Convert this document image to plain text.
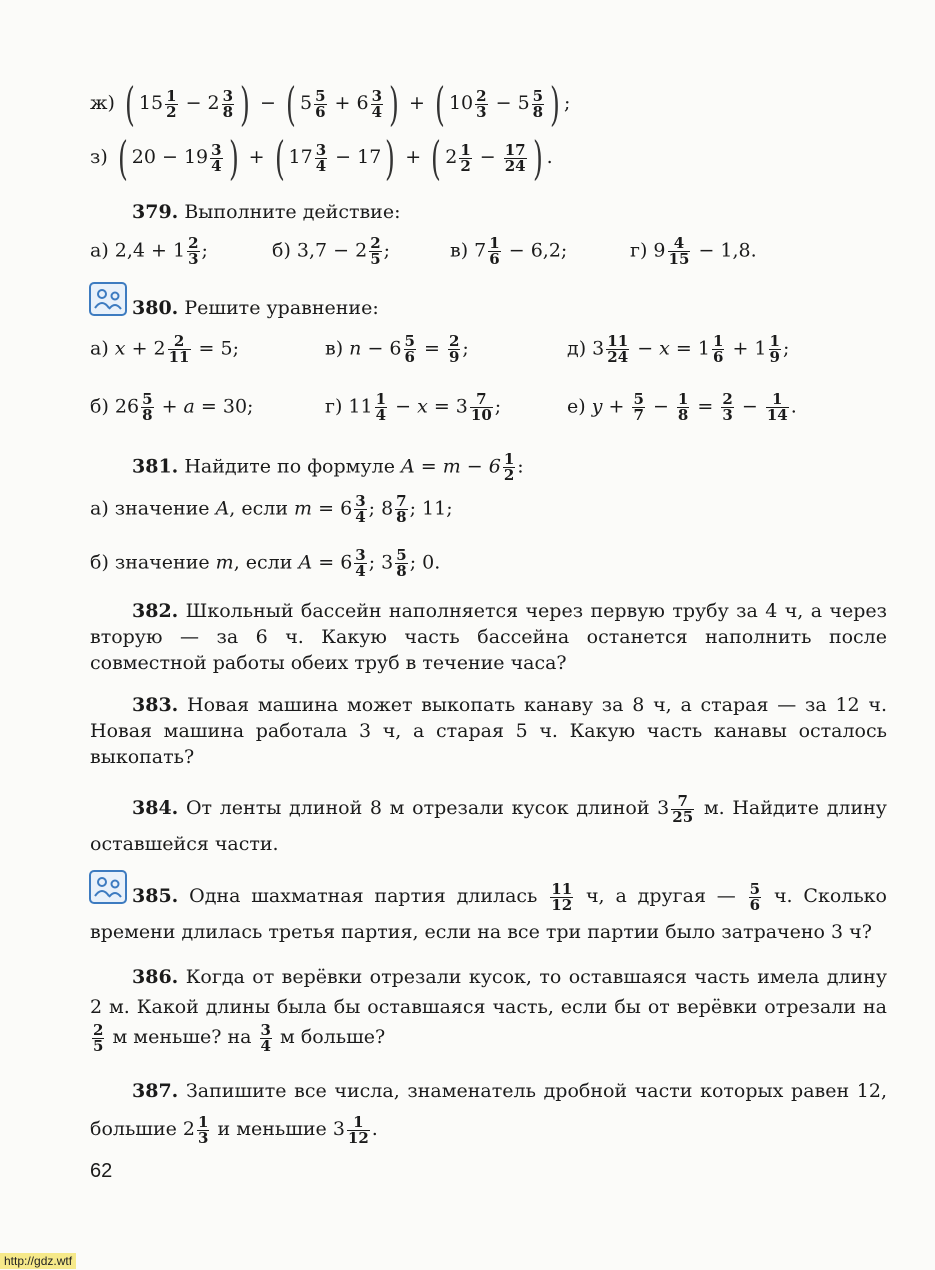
ж) ( $15 \frac{1}{2} - 2 \frac{3}{8}$ ) − ( $5 \frac{5}{6} + 6 \frac{3}{4}$ ) + ( $10 \frac{2}{3} - 5 \frac{5}{8}$ ) ;
з) ( $20 - 19 \frac{3}{4}$ ) + ( $17 \frac{3}{4} - 17$) + ( $2 \frac{1}{2} - \frac{17}{24}$ ) .
379. Выполните действие:
а) $2,4 + 1 \frac{2}{3}$ ;	б) $3,7 - 2 \frac{2}{5}$ ;	в) $7 \frac{1}{6} - 6,2$;	г) $9 \frac{4}{15} - 1,8$.
380. Решите уравнение:
а) $x + 2 \frac{2}{11} = 5$;	в) $n - 6 \frac{5}{6} = \frac{2}{9}$ ;	д) $3 \frac{11}{24} - x = 1 \frac{1}{6} + 1 \frac{1}{9}$ ;
б) $26 \frac{5}{8} + a = 30$;	г) $11 \frac{1}{4} - x = 3 \frac{7}{10}$ ;	е) $y + \frac{5}{7} - \frac{1}{8} = \frac{2}{3} - \frac{1}{14}$ .
381. Найдите по формуле $A = m - 6 \frac{1}{2}$ :
а) значение A, если $m = 6 \frac{3}{4}$ ; $8 \frac{7}{8}$ ; 11;
б) значение m, если $A = 6 \frac{3}{4}$ ; $3 \frac{5}{8}$ ; 0.

382. Школьный бассейн наполняется через первую трубу за 4 ч, а через вторую — за 6 ч. Какую часть бассейна останется наполнить после совместной работы обеих труб в течение часа?

383. Новая машина может выкопать канаву за 8 ч, а старая — за 12 ч. Новая машина работала 3 ч, а старая 5 ч. Какую часть канавы осталось выкопать?

384. От ленты длиной 8 м отрезали кусок длиной $3 \frac{7}{25} м$. Найдите длину оставшейся части.

385. Одна шахматная партия длилась $\frac{11}{12} ч$, а другая — $\frac{5}{6} ч$. Сколько времени длилась третья партия, если на все три партии было затрачено 3 ч?

386. Когда от верёвки отрезали кусок, то оставшаяся часть имела длину 2 м. Какой длины была бы оставшаяся часть, если бы от верёвки отрезали на
$\frac{2}{5}$ м меньше? на $\frac{3}{4}$ м больше?

387. Запишите все числа, знаменатель дробной части которых равен 12, большие $2 \frac{1}{3}$ и меньшие $3 \frac{1}{12}$ .

62
http://gdz.wtf
